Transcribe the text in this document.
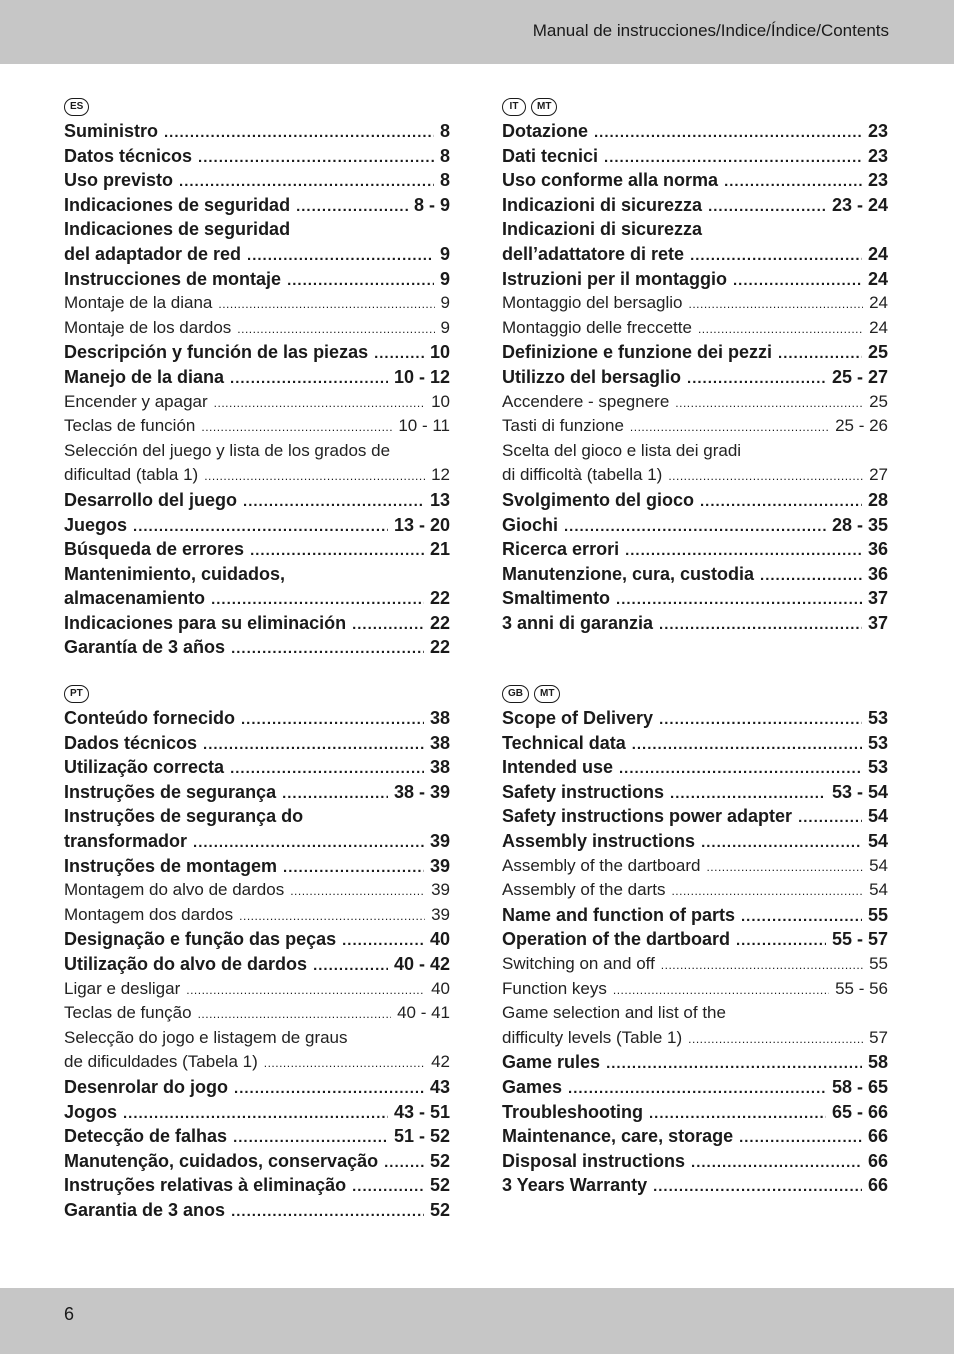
Manual de instrucciones/Indice/Índice/Contents
ES
Suministro .....	8
Datos técnicos .....	8
Uso previsto .....	8
Indicaciones de seguridad .....	8 - 9
Indicaciones de seguridad
del adaptador de red .....	9
Instrucciones de montaje .....	9
Montaje de la diana .....	9
Montaje de los dardos .....	9
Descripción y función de las piezas .....	10
Manejo de la diana .....	10 - 12
Encender y apagar .....	10
Teclas de función .....	10 - 11
Selección del juego y lista de los grados de
dificultad (tabla 1) .....	12
Desarrollo del juego .....	13
Juegos .....	13 - 20
Búsqueda de errores .....	21
Mantenimiento, cuidados,
almacenamiento .....	22
Indicaciones para su eliminación .....	22
Garantía de 3 años .....	22
IT	MT
Dotazione .....	23
Dati tecnici .....	23
Uso conforme alla norma .....	23
Indicazioni di sicurezza .....	23 - 24
Indicazioni di sicurezza
dell’adattatore di rete .....	24
Istruzioni per il montaggio .....	24
Montaggio del bersaglio .....	24
Montaggio delle freccette .....	24
Definizione e funzione dei pezzi .....	25
Utilizzo del bersaglio .....	25 - 27
Accendere - spegnere .....	25
Tasti di funzione .....	25 - 26
Scelta del gioco e lista dei gradi
di difficoltà (tabella 1) .....	27
Svolgimento del gioco .....	28
Giochi .....	28 - 35
Ricerca errori .....	36
Manutenzione, cura, custodia .....	36
Smaltimento .....	37
3 anni di garanzia .....	37
PT
Conteúdo fornecido .....	38
Dados técnicos .....	38
Utilização correcta .....	38
Instruções de segurança .....	38 - 39
Instruções de segurança do
transformador .....	39
Instruções de montagem .....	39
Montagem do alvo de dardos .....	39
Montagem dos dardos .....	39
Designação e função das peças .....	40
Utilização do alvo de dardos .....	40 - 42
Ligar e desligar .....	40
Teclas de função .....	40 - 41
Selecção do jogo e listagem de graus
de dificuldades (Tabela 1) .....	42
Desenrolar do jogo .....	43
Jogos .....	43 - 51
Detecção de falhas .....	51 - 52
Manutenção, cuidados, conservação .....	52
Instruções relativas à eliminação .....	52
Garantia de 3 anos .....	52
GB	MT
Scope of Delivery .....	53
Technical data .....	53
Intended use .....	53
Safety instructions .....	53 - 54
Safety instructions power adapter .....	54
Assembly instructions .....	54
Assembly of the dartboard .....	54
Assembly of the darts .....	54
Name and function of parts .....	55
Operation of the dartboard .....	55 - 57
Switching on and off .....	55
Function keys .....	55 - 56
Game selection and list of the
difficulty levels (Table 1) .....	57
Game rules .....	58
Games .....	58 - 65
Troubleshooting .....	65 - 66
Maintenance, care, storage .....	66
Disposal instructions .....	66
3 Years Warranty .....	66
6
